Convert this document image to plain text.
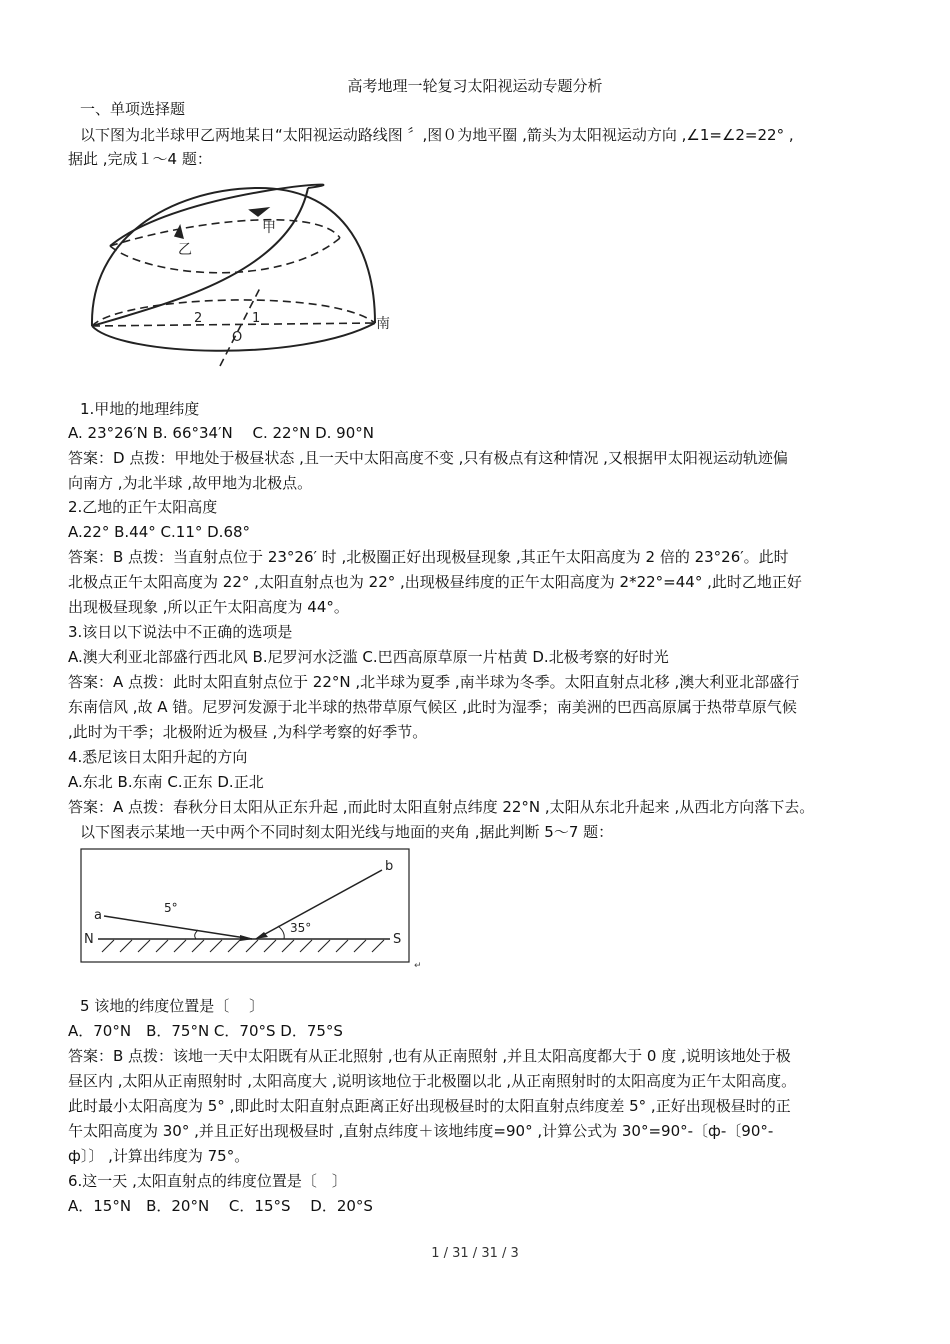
高考地理一轮复习太阳视运动专题分析
一、单项选择题
以下图为北半球甲乙两地某日“太阳视运动路线图 〞,图０为地平圈 ,箭头为太阳视运动方向 ,∠1=∠2=22° ,
据此 ,完成１～4 题：
甲
乙
南
O
1
2
1.甲地的地理纬度
A. 23°26′N B. 66°34′N　 C. 22°N D. 90°N
答案：D 点拨：甲地处于极昼状态 ,且一天中太阳高度不变 ,只有极点有这种情况 ,又根据甲太阳视运动轨迹偏
向南方 ,为北半球 ,故甲地为北极点。
2.乙地的正午太阳高度
A.22° B.44° C.11° D.68°
答案：B 点拨：当直射点位于 23°26′ 时 ,北极圈正好出现极昼现象 ,其正午太阳高度为 2 倍的 23°26′。此时
北极点正午太阳高度为 22° ,太阳直射点也为 22° ,出现极昼纬度的正午太阳高度为 2*22°=44° ,此时乙地正好
出现极昼现象 ,所以正午太阳高度为 44°。
3.该日以下说法中不正确的选项是
A.澳大利亚北部盛行西北风 B.尼罗河水泛滥 C.巴西高原草原一片枯黄 D.北极考察的好时光
答案：A 点拨：此时太阳直射点位于 22°N ,北半球为夏季 ,南半球为冬季。太阳直射点北移 ,澳大利亚北部盛行
东南信风 ,故 A 错。尼罗河发源于北半球的热带草原气候区 ,此时为湿季；南美洲的巴西高原属于热带草原气候
,此时为干季；北极附近为极昼 ,为科学考察的好季节。
4.悉尼该日太阳升起的方向
A.东北 B.东南 C.正东 D.正北
答案：A 点拨：春秋分日太阳从正东升起 ,而此时太阳直射点纬度 22°N ,太阳从东北升起来 ,从西北方向落下去。
以下图表示某地一天中两个不同时刻太阳光线与地面的夹角 ,据此判断 5～7 题：
a
b
N	S
5°
35°
↵
5 该地的纬度位置是〔　 〕
A．70°N　B．75°N C．70°S D．75°S
答案：B 点拨：该地一天中太阳既有从正北照射 ,也有从正南照射 ,并且太阳高度都大于 0 度 ,说明该地处于极
昼区内 ,太阳从正南照射时 ,太阳高度大 ,说明该地位于北极圈以北 ,从正南照射时的太阳高度为正午太阳高度。
此时最小太阳高度为 5° ,即此时太阳直射点距离正好出现极昼时的太阳直射点纬度差 5° ,正好出现极昼时的正
午太阳高度为 30° ,并且正好出现极昼时 ,直射点纬度＋该地纬度=90° ,计算公式为 30°=90°-〔ф-〔90°-
ф〕〕 ,计算出纬度为 75°。
6.这一天 ,太阳直射点的纬度位置是〔　〕
A．15°N　B．20°N　 C．15°S　 D．20°S
1 / 31 / 31 / 3
